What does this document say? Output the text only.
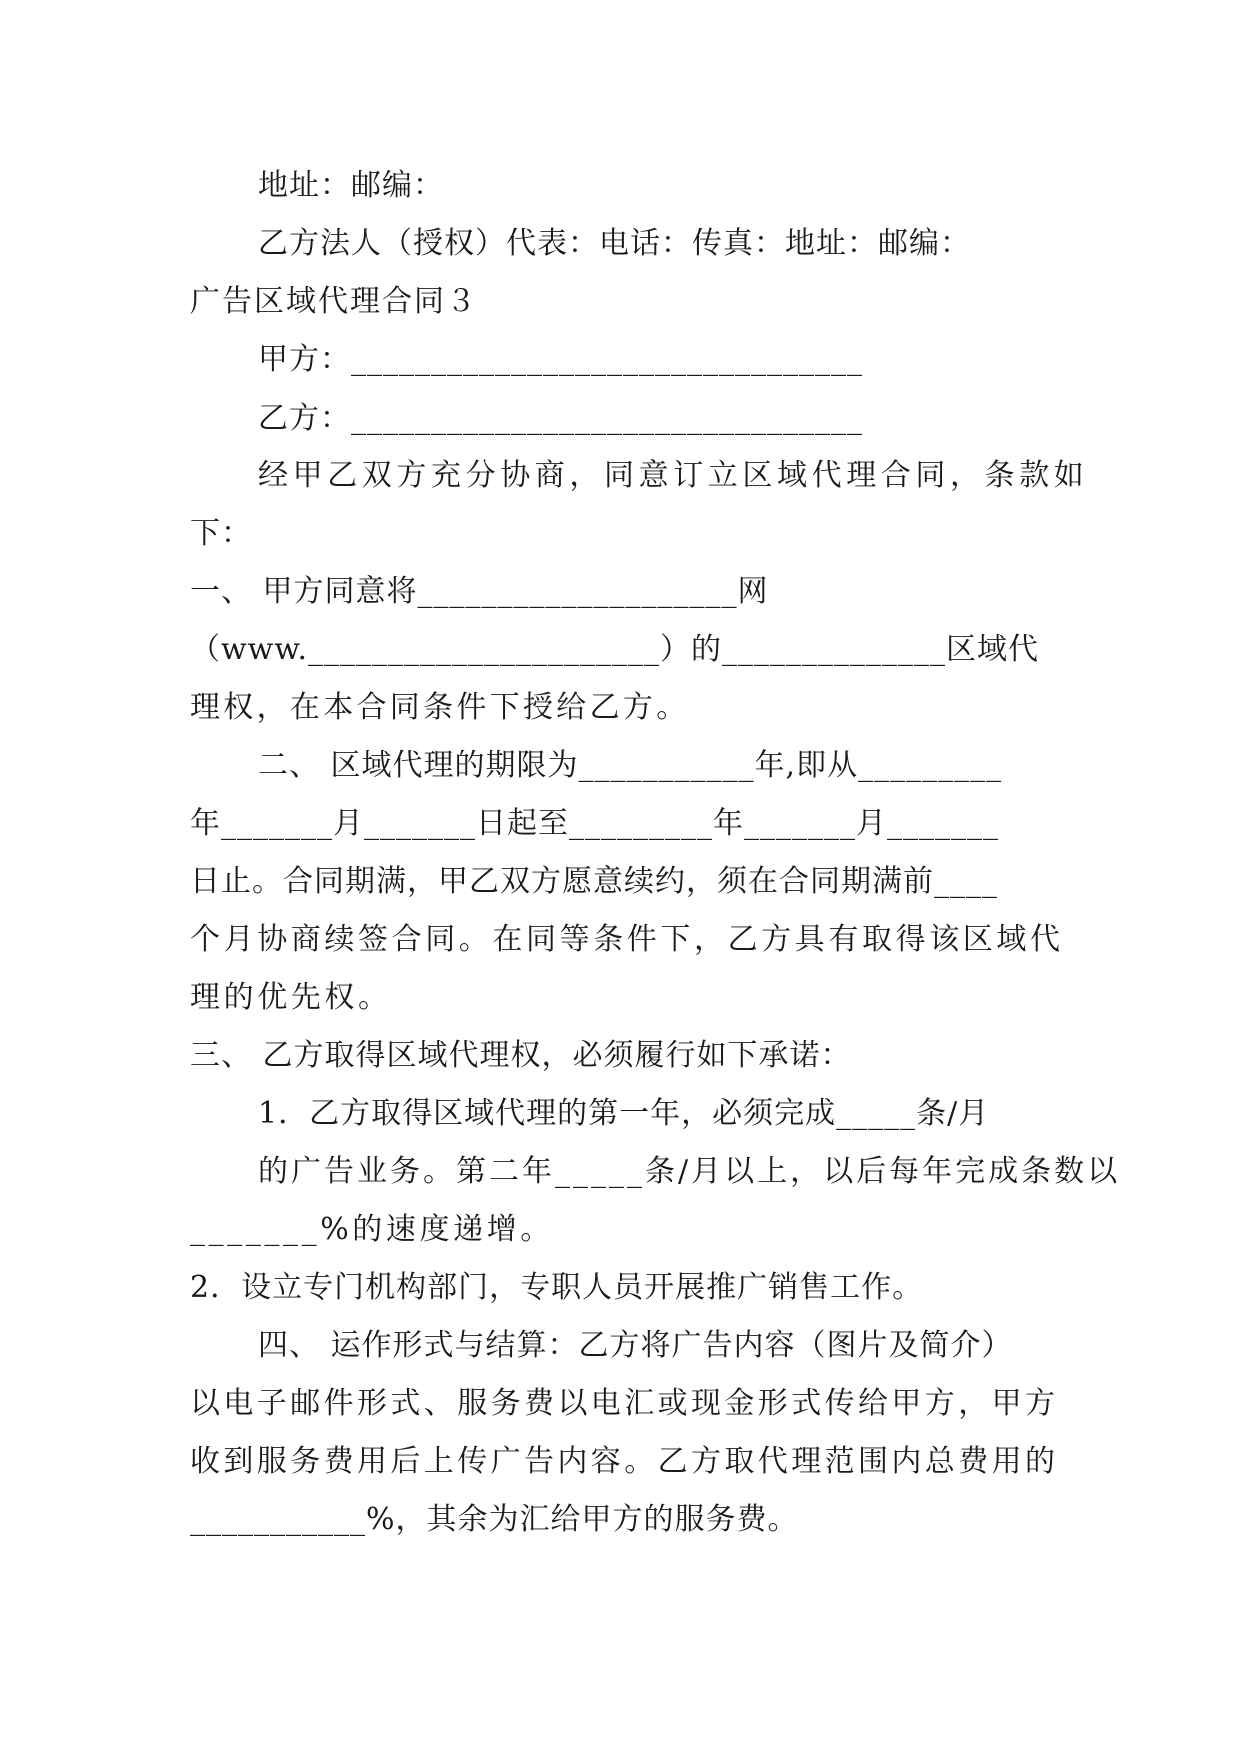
地址：邮编：
乙方法人（授权）代表：电话：传真：地址：邮编：
广告区域代理合同３
甲方：________________________________
乙方：________________________________
经甲乙双方充分协商，同意订立区域代理合同，条款如
下：
一、 甲方同意将____________________网
（www.______________________）的______________区域代
理权，在本合同条件下授给乙方。
二、 区域代理的期限为___________年,即从_________
年_______月_______日起至_________年_______月_______
日止。合同期满，甲乙双方愿意续约，须在合同期满前____
个月协商续签合同。在同等条件下，乙方具有取得该区域代
理的优先权。
三、 乙方取得区域代理权，必须履行如下承诺：
1．乙方取得区域代理的第一年，必须完成_____条/月
的广告业务。第二年_____条/月以上，以后每年完成条数以
_______%的速度递增。
2．设立专门机构部门，专职人员开展推广销售工作。
四、 运作形式与结算：乙方将广告内容（图片及简介）
以电子邮件形式、服务费以电汇或现金形式传给甲方，甲方
收到服务费用后上传广告内容。乙方取代理范围内总费用的
___________%，其余为汇给甲方的服务费。
